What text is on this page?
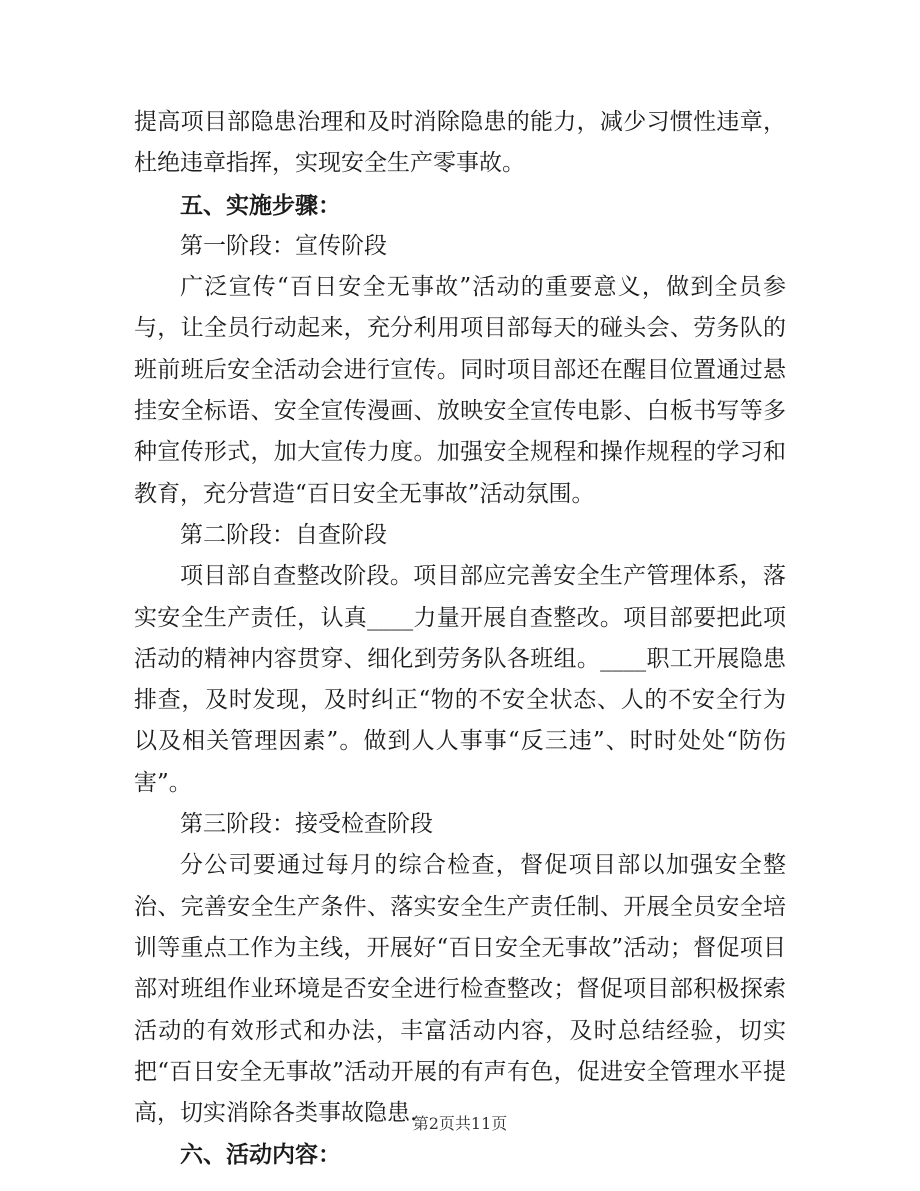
提高项目部隐患治理和及时消除隐患的能力，减少习惯性违章，杜绝违章指挥，实现安全生产零事故。

五、实施步骤：

第一阶段：宣传阶段

广泛宣传“百日安全无事故”活动的重要意义，做到全员参与，让全员行动起来，充分利用项目部每天的碰头会、劳务队的班前班后安全活动会进行宣传。同时项目部还在醒目位置通过悬挂安全标语、安全宣传漫画、放映安全宣传电影、白板书写等多种宣传形式，加大宣传力度。加强安全规程和操作规程的学习和教育，充分营造“百日安全无事故”活动氛围。

第二阶段：自查阶段

项目部自查整改阶段。项目部应完善安全生产管理体系，落实安全生产责任，认真____力量开展自查整改。项目部要把此项活动的精神内容贯穿、细化到劳务队各班组。____职工开展隐患排查，及时发现，及时纠正“物的不安全状态、人的不安全行为以及相关管理因素”。做到人人事事“反三违”、时时处处“防伤害”。

第三阶段：接受检查阶段

分公司要通过每月的综合检查，督促项目部以加强安全整治、完善安全生产条件、落实安全生产责任制、开展全员安全培训等重点工作为主线，开展好“百日安全无事故”活动；督促项目部对班组作业环境是否安全进行检查整改；督促项目部积极探索活动的有效形式和办法，丰富活动内容，及时总结经验，切实把“百日安全无事故”活动开展的有声有色，促进安全管理水平提高，切实消除各类事故隐患.

六、活动内容：

第2页共11页
